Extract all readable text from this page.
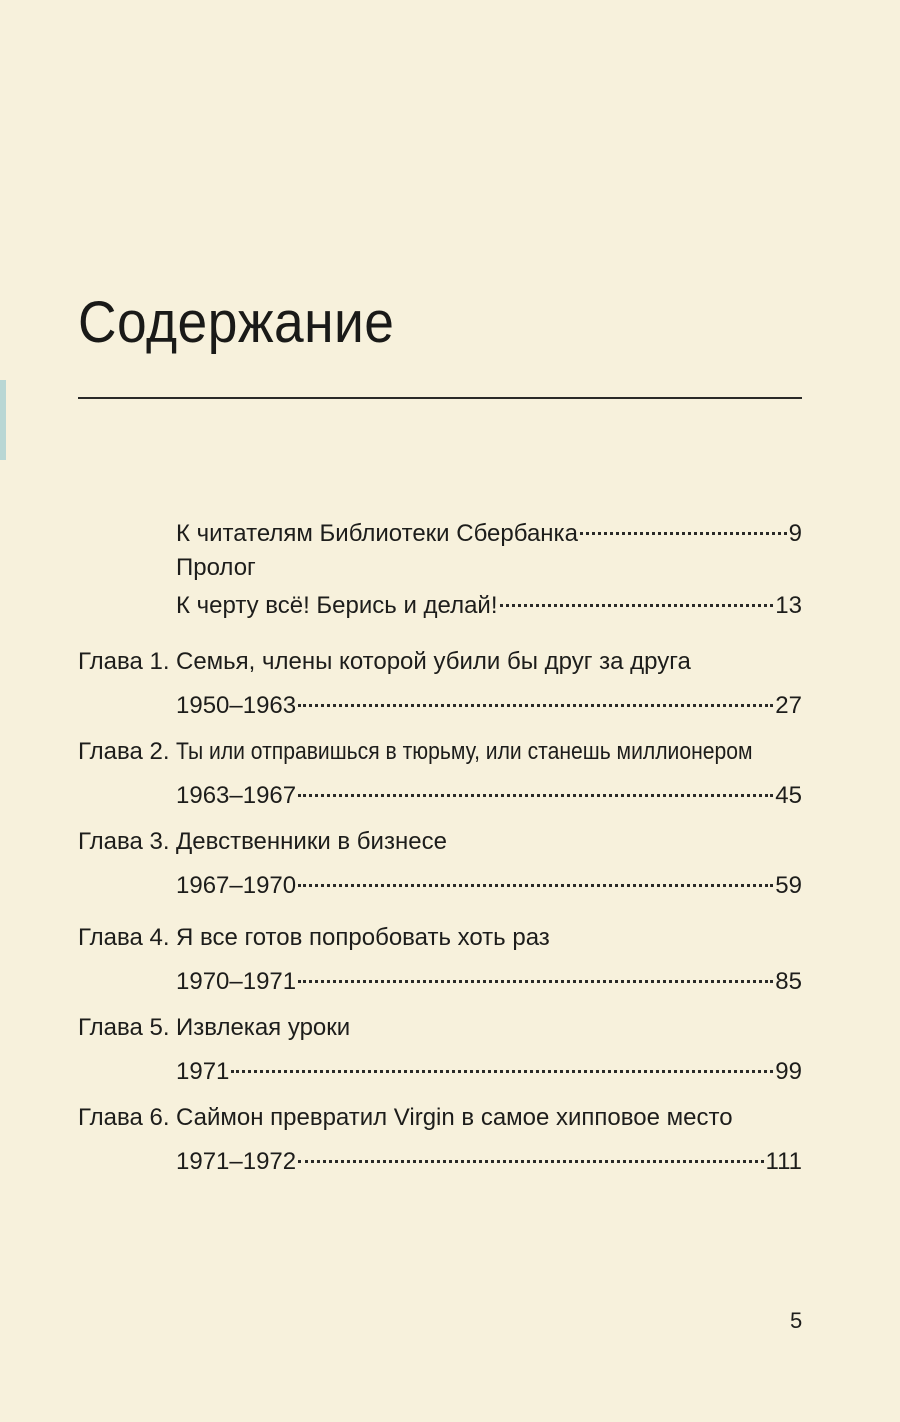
Содержание
К читателям Библиотеки Сбербанка	9
Пролог
К черту всё! Берись и делай!	13
Глава 1. Семья, члены которой убили бы друг за друга
1950–1963	27
Глава 2. Ты или отправишься в тюрьму, или станешь миллионером
1963–1967	45
Глава 3. Девственники в бизнесе
1967–1970	59
Глава 4. Я все готов попробовать хоть раз
1970–1971	85
Глава 5. Извлекая уроки
1971	99
Глава 6. Саймон превратил Virgin в самое хипповое место
1971–1972	111
5
